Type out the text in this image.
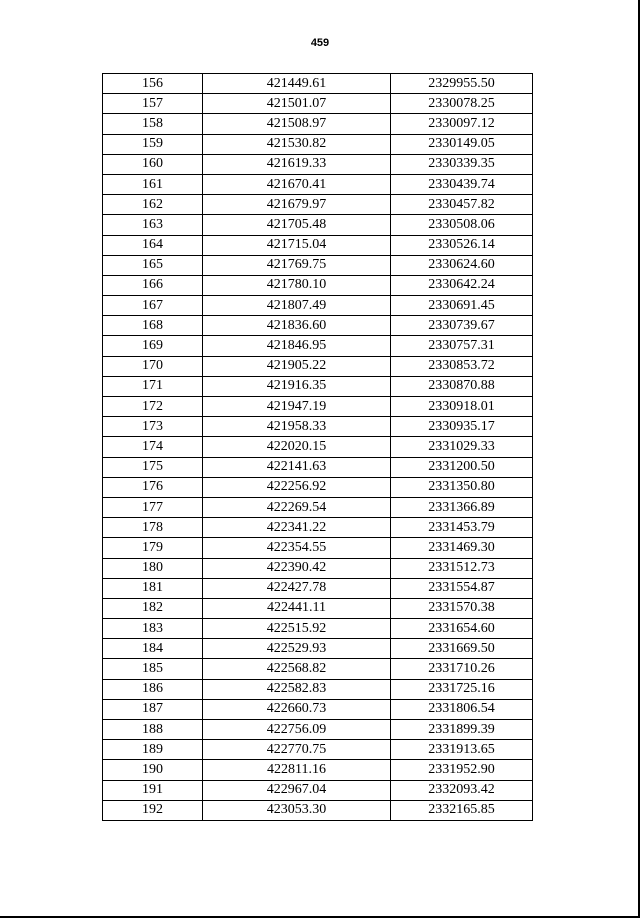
459
156	421449.61	2329955.50
157	421501.07	2330078.25
158	421508.97	2330097.12
159	421530.82	2330149.05
160	421619.33	2330339.35
161	421670.41	2330439.74
162	421679.97	2330457.82
163	421705.48	2330508.06
164	421715.04	2330526.14
165	421769.75	2330624.60
166	421780.10	2330642.24
167	421807.49	2330691.45
168	421836.60	2330739.67
169	421846.95	2330757.31
170	421905.22	2330853.72
171	421916.35	2330870.88
172	421947.19	2330918.01
173	421958.33	2330935.17
174	422020.15	2331029.33
175	422141.63	2331200.50
176	422256.92	2331350.80
177	422269.54	2331366.89
178	422341.22	2331453.79
179	422354.55	2331469.30
180	422390.42	2331512.73
181	422427.78	2331554.87
182	422441.11	2331570.38
183	422515.92	2331654.60
184	422529.93	2331669.50
185	422568.82	2331710.26
186	422582.83	2331725.16
187	422660.73	2331806.54
188	422756.09	2331899.39
189	422770.75	2331913.65
190	422811.16	2331952.90
191	422967.04	2332093.42
192	423053.30	2332165.85
